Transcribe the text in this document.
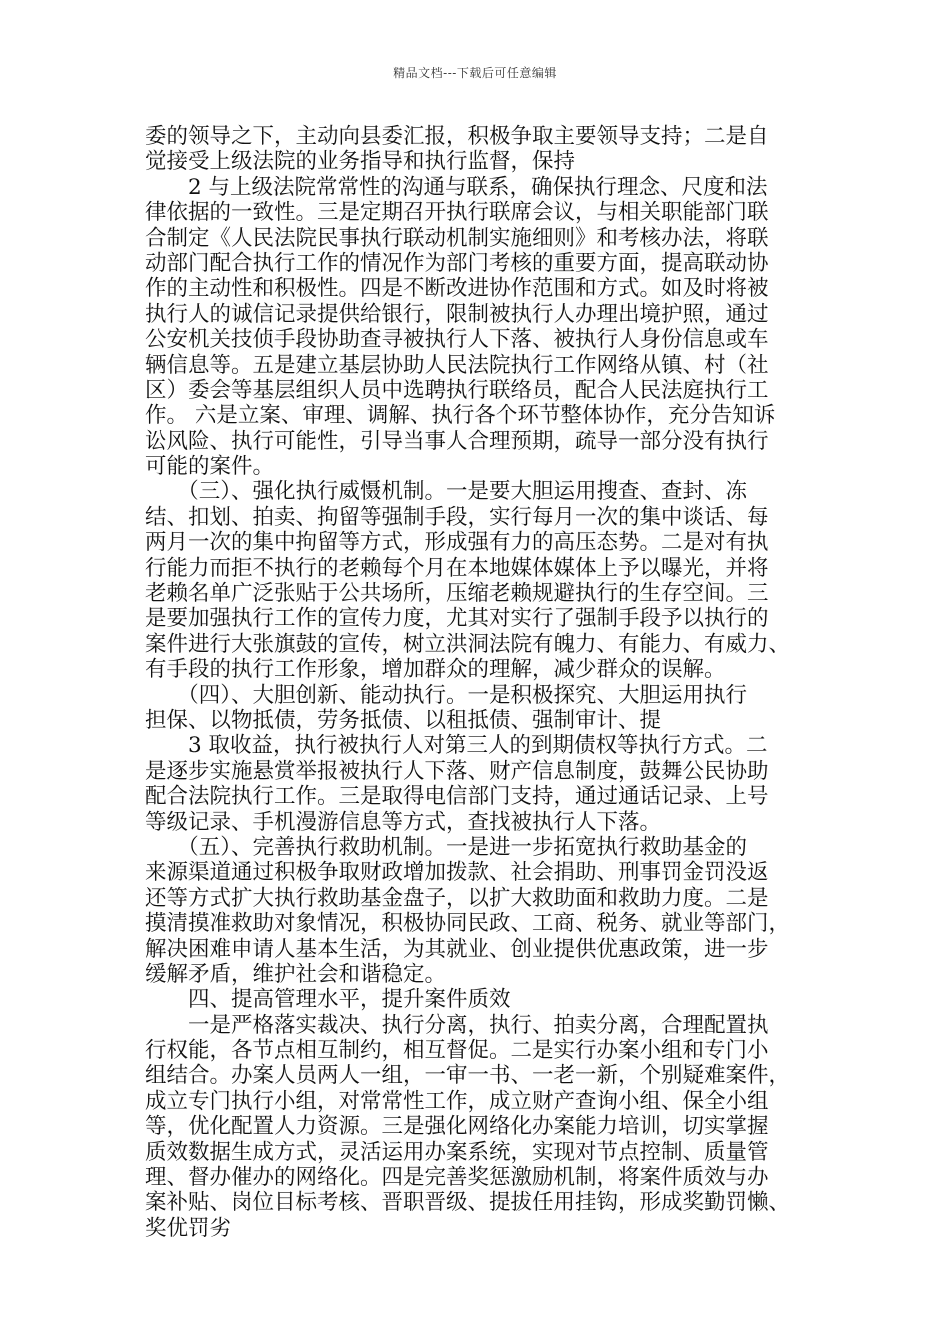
精品文档---下载后可任意编辑
委的领导之下，主动向县委汇报，积极争取主要领导支持；二是自
觉接受上级法院的业务指导和执行监督，保持
　　2 与上级法院常常性的沟通与联系，确保执行理念、尺度和法
律依据的一致性。三是定期召开执行联席会议，与相关职能部门联
合制定《人民法院民事执行联动机制实施细则》和考核办法，将联
动部门配合执行工作的情况作为部门考核的重要方面，提高联动协
作的主动性和积极性。四是不断改进协作范围和方式。如及时将被
执行人的诚信记录提供给银行，限制被执行人办理出境护照，通过
公安机关技侦手段协助查寻被执行人下落、被执行人身份信息或车
辆信息等。五是建立基层协助人民法院执行工作网络从镇、村（社
区）委会等基层组织人员中选聘执行联络员，配合人民法庭执行工
作。 六是立案、审理、调解、执行各个环节整体协作，充分告知诉
讼风险、执行可能性，引导当事人合理预期，疏导一部分没有执行
可能的案件。
　　（三）、强化执行威慑机制。一是要大胆运用搜查、查封、冻
结、扣划、拍卖、拘留等强制手段，实行每月一次的集中谈话、每
两月一次的集中拘留等方式，形成强有力的高压态势。二是对有执
行能力而拒不执行的老赖每个月在本地媒体媒体上予以曝光，并将
老赖名单广泛张贴于公共场所，压缩老赖规避执行的生存空间。三
是要加强执行工作的宣传力度，尤其对实行了强制手段予以执行的
案件进行大张旗鼓的宣传，树立洪洞法院有魄力、有能力、有威力、
有手段的执行工作形象，增加群众的理解，减少群众的误解。
　　（四）、大胆创新、能动执行。一是积极探究、大胆运用执行
担保、以物抵债，劳务抵债、以租抵债、强制审计、提
　　3 取收益，执行被执行人对第三人的到期债权等执行方式。二
是逐步实施悬赏举报被执行人下落、财产信息制度，鼓舞公民协助
配合法院执行工作。三是取得电信部门支持，通过通话记录、上号
等级记录、手机漫游信息等方式，查找被执行人下落。
　　（五）、完善执行救助机制。一是进一步拓宽执行救助基金的
来源渠道通过积极争取财政增加拨款、社会捐助、刑事罚金罚没返
还等方式扩大执行救助基金盘子，以扩大救助面和救助力度。二是
摸清摸准救助对象情况，积极协同民政、工商、税务、就业等部门，
解决困难申请人基本生活，为其就业、创业提供优惠政策，进一步
缓解矛盾，维护社会和谐稳定。
　　四、提高管理水平，提升案件质效
　　一是严格落实裁决、执行分离，执行、拍卖分离，合理配置执
行权能，各节点相互制约，相互督促。二是实行办案小组和专门小
组结合。办案人员两人一组，一审一书、一老一新，个别疑难案件，
成立专门执行小组，对常常性工作，成立财产查询小组、保全小组
等，优化配置人力资源。三是强化网络化办案能力培训，切实掌握
质效数据生成方式，灵活运用办案系统，实现对节点控制、质量管
理、督办催办的网络化。四是完善奖惩激励机制，将案件质效与办
案补贴、岗位目标考核、晋职晋级、提拔任用挂钩，形成奖勤罚懒、
奖优罚劣
